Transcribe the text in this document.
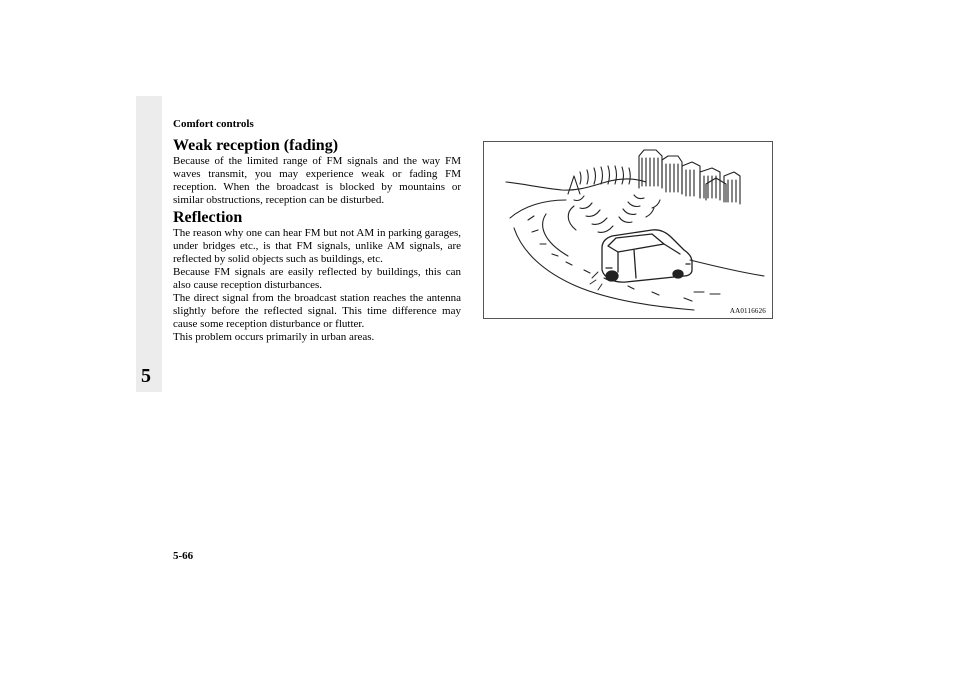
5
Comfort controls
Weak reception (fading)

Because of the limited range of FM signals and the way FM waves transmit, you may experience weak or fading FM reception. When the broadcast is blocked by mountains or similar obstructions, reception can be disturbed.

Reflection

The reason why one can hear FM but not AM in parking garages, under bridges etc., is that FM signals, unlike AM signals, are reflected by solid objects such as buildings, etc.

Because FM signals are easily reflected by buildings, this can also cause reception disturbances.

The direct signal from the broadcast station reaches the antenna slightly before the reflected signal. This time difference may cause some reception disturbance or flutter.

This problem occurs primarily in urban areas.

AA0116626
5-66
